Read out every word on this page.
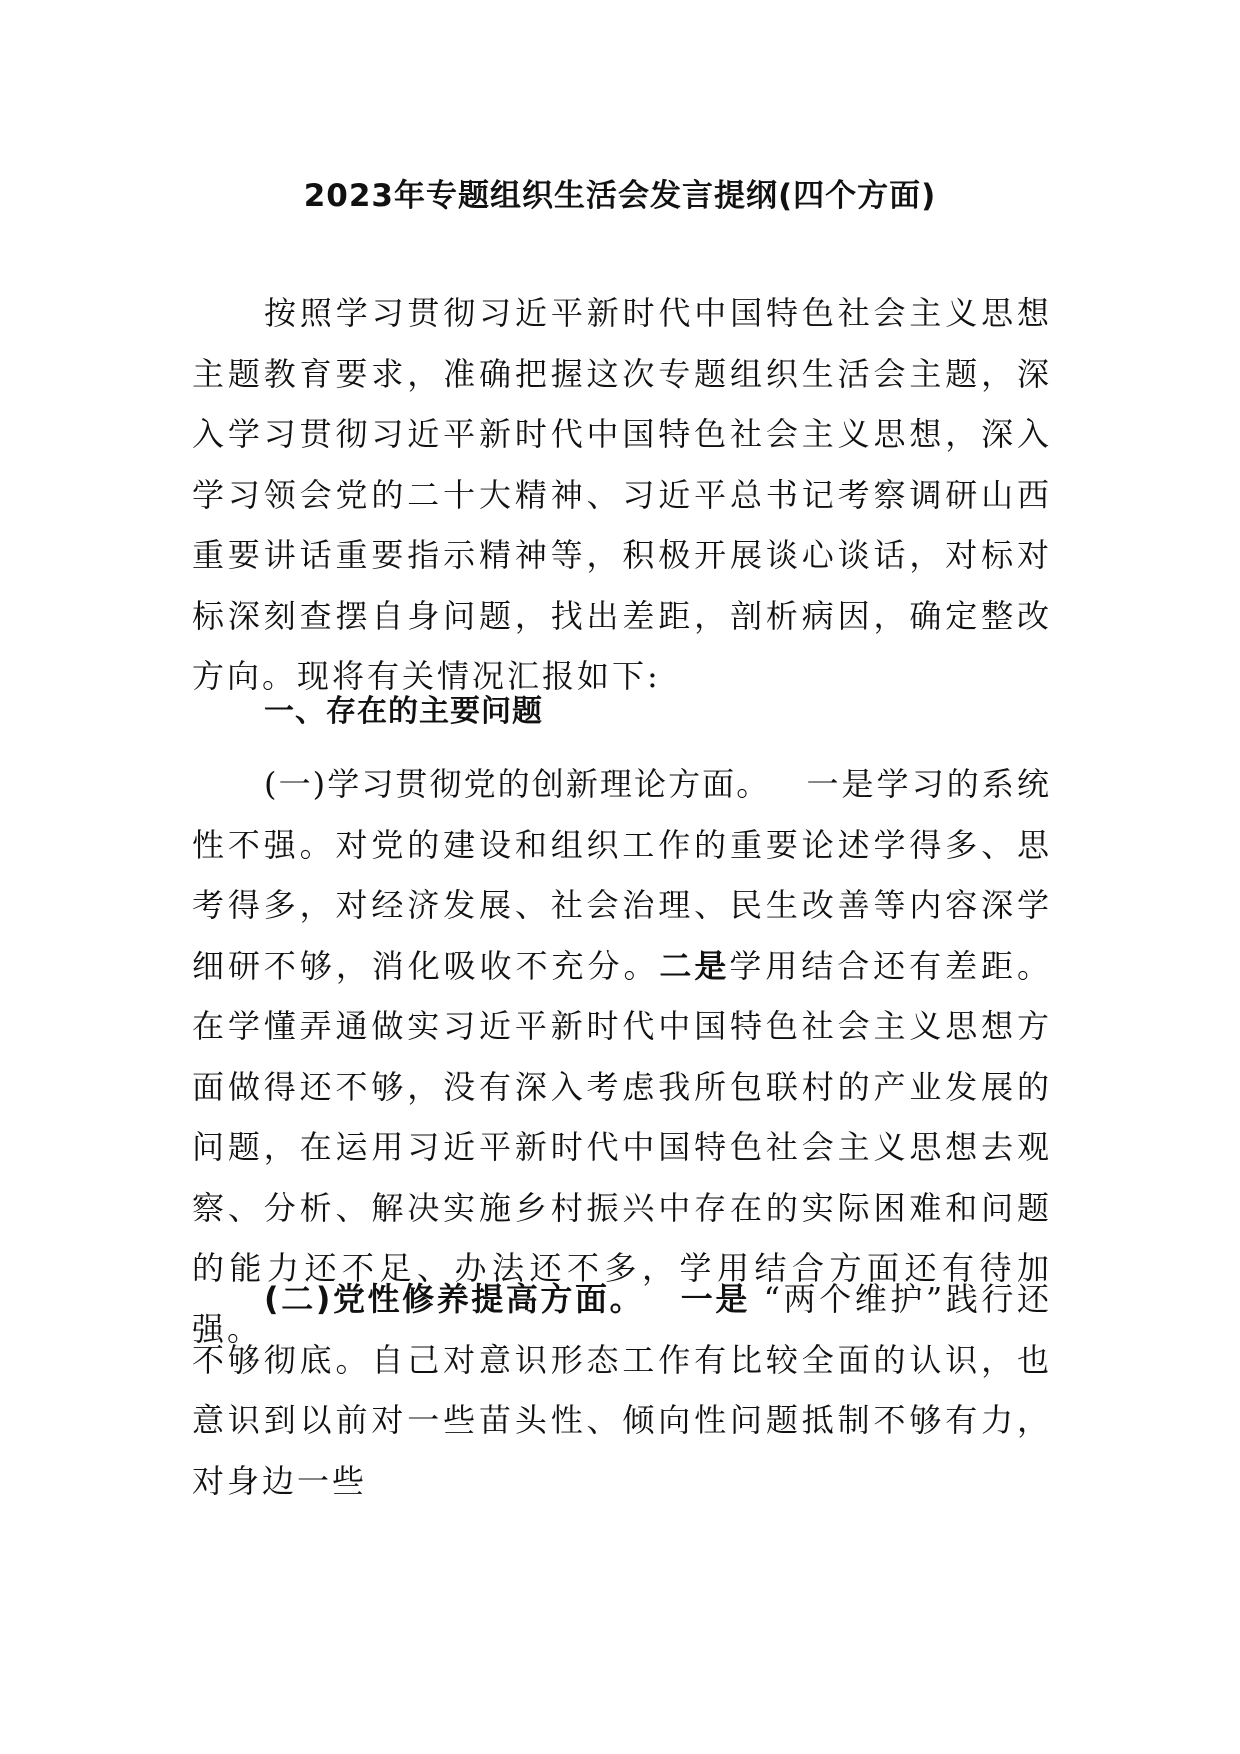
2023年专题组织生活会发言提纲(四个方面)

按照学习贯彻习近平新时代中国特色社会主义思想主题教育要求，准确把握这次专题组织生活会主题，深入学习贯彻习近平新时代中国特色社会主义思想，深入学习领会党的二十大精神、习近平总书记考察调研山西重要讲话重要指示精神等，积极开展谈心谈话，对标对标深刻查摆自身问题，找出差距，剖析病因，确定整改方向。现将有关情况汇报如下:

一、存在的主要问题

(一)学习贯彻党的创新理论方面。 一是学习的系统性不强。对党的建设和组织工作的重要论述学得多、思考得多，对经济发展、社会治理、民生改善等内容深学细研不够，消化吸收不充分。二是学用结合还有差距。在学懂弄通做实习近平新时代中国特色社会主义思想方面做得还不够，没有深入考虑我所包联村的产业发展的问题，在运用习近平新时代中国特色社会主义思想去观察、分析、解决实施乡村振兴中存在的实际困难和问题的能力还不足、办法还不多，学用结合方面还有待加强。

(二)党性修养提高方面。 一是 “两个维护”践行还不够彻底。自己对意识形态工作有比较全面的认识，也意识到以前对一些苗头性、倾向性问题抵制不够有力，对身边一些
